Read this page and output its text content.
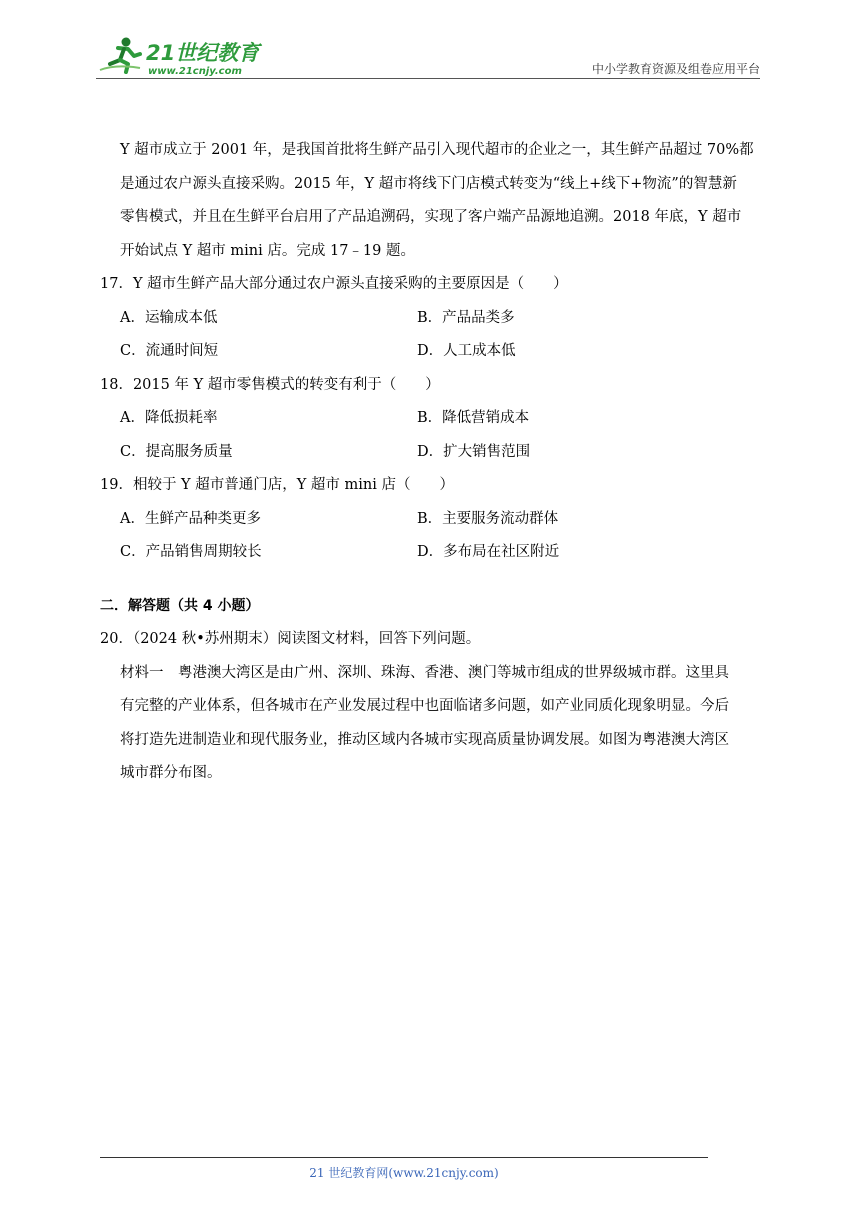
21世纪教育
www.21cnjy.com	中小学教育资源及组卷应用平台

Y 超市成立于 2001 年，是我国首批将生鲜产品引入现代超市的企业之一，其生鲜产品超过 70%都

是通过农户源头直接采购。2015 年，Y 超市将线下门店模式转变为“线上+线下+物流”的智慧新

零售模式，并且在生鲜平台启用了产品追溯码，实现了客户端产品源地追溯。2018 年底，Y 超市

开始试点 Y 超市 mini 店。完成 17﹣19 题。

17．Y 超市生鲜产品大部分通过农户源头直接采购的主要原因是（　　）

A．运输成本低	B．产品品类多
C．流通时间短	D．人工成本低

18．2015 年 Y 超市零售模式的转变有利于（　　）

A．降低损耗率	B．降低营销成本
C．提高服务质量	D．扩大销售范围

19．相较于 Y 超市普通门店，Y 超市 mini 店（　　）

A．生鲜产品种类更多	B．主要服务流动群体
C．产品销售周期较长	D．多布局在社区附近

二．解答题（共 4 小题）

20．（2024 秋•苏州期末）阅读图文材料，回答下列问题。

材料一　粤港澳大湾区是由广州、深圳、珠海、香港、澳门等城市组成的世界级城市群。这里具

有完整的产业体系，但各城市在产业发展过程中也面临诸多问题，如产业同质化现象明显。今后

将打造先进制造业和现代服务业，推动区域内各城市实现高质量协调发展。如图为粤港澳大湾区

城市群分布图。

21 世纪教育网(www.21cnjy.com)
